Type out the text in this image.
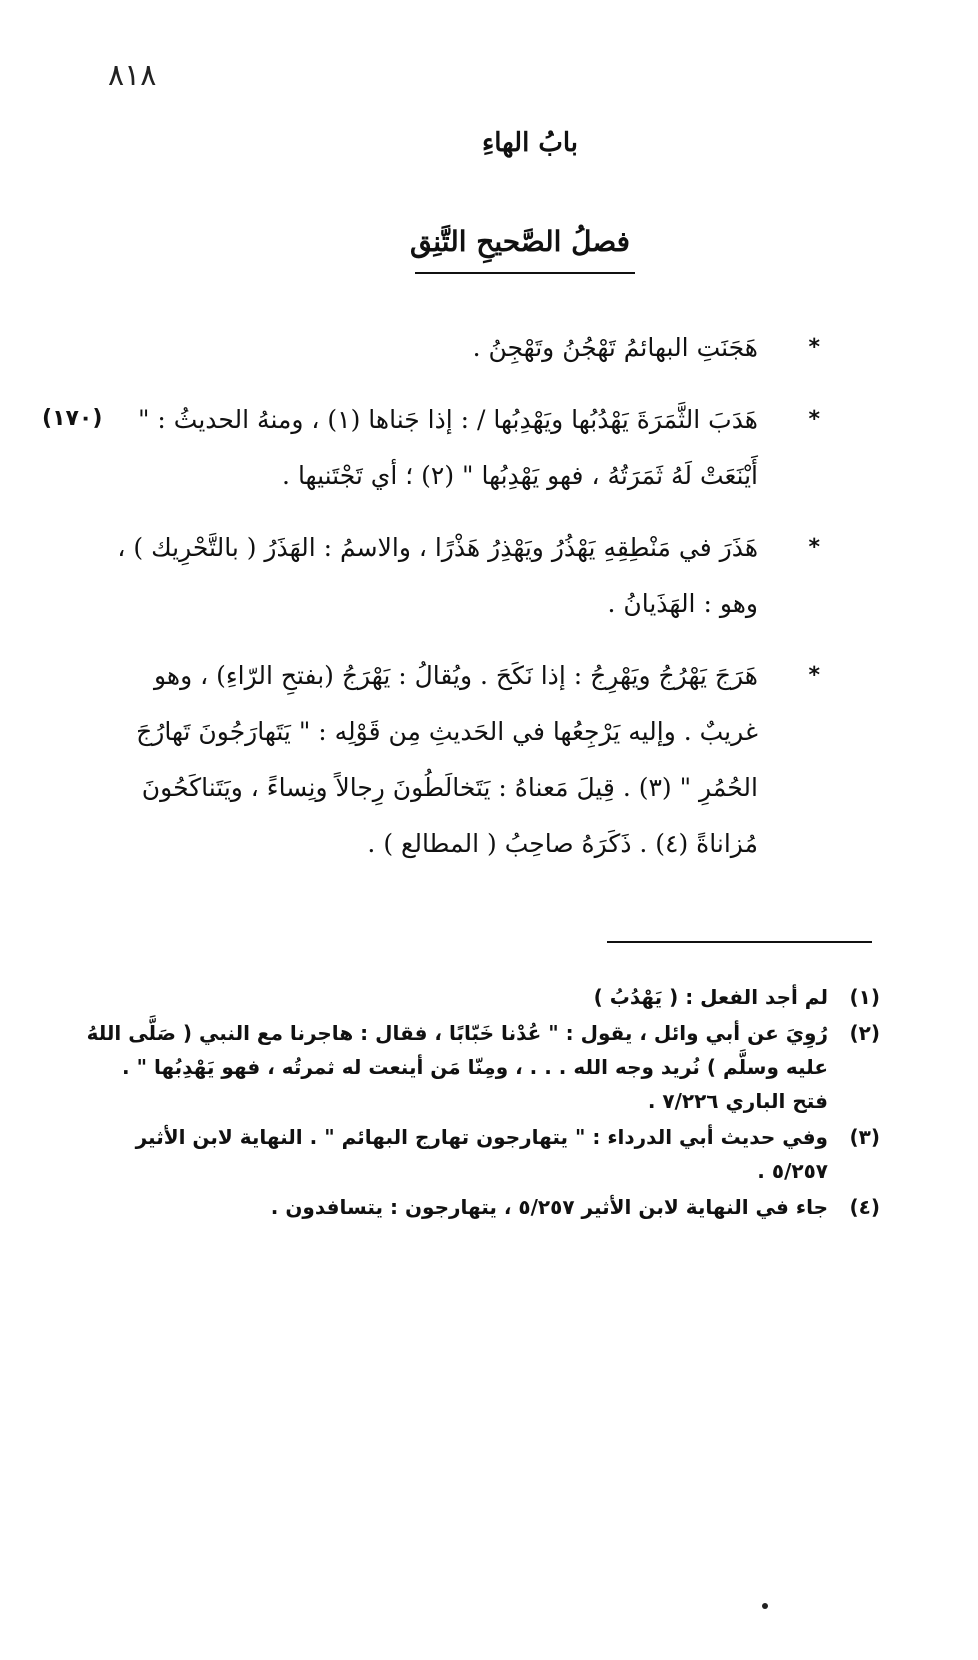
٨١٨
بابُ الهاءِ
فصلُ الصَّحيحِ التَّنِق
(١٧٠)
*

هَجَنَتِ البهائمُ تَهْجُنُ وتَهْجِنُ .

*

هَدَبَ الثَّمَرَةَ يَهْدُبُها ويَهْدِبُها / : إذا جَناها (١) ، ومنهُ الحديثُ : " أَيْنَعَتْ لَهُ ثَمَرَتُهُ ، فهو يَهْدِبُها " (٢) ؛ أي تَجْتَنيها .

*

هَذَرَ في مَنْطِقِهِ يَهْذُرُ ويَهْذِرُ هَذْرًا ، والاسمُ : الهَذَرُ ( بالتَّحْرِيك ) ، وهو : الهَذَيانُ .

*

هَرَجَ يَهْرُجُ ويَهْرِجُ : إذا نَكَحَ . ويُقالُ : يَهْرَجُ (بفتحِ الرّاءِ) ، وهو غريبٌ . وإليه يَرْجِعُها في الحَديثِ مِن قَوْلِه : " يَتَهارَجُونَ تَهارُجَ الحُمُرِ " (٣) . قِيلَ مَعناهُ : يَتَخالَطُونَ رِجالاً ونِساءً ، ويَتَناكَحُونَ مُزاناةً (٤) . ذَكَرَهُ صاحِبُ ( المطالع ) .

(١)
لم أجد الفعل : ( يَهْدُبُ )
(٢)
رُوِيَ عن أبي وائل ، يقول : " عُدْنا خَبّابًا ، فقال : هاجرنا مع النبي ( صَلَّى اللهُ عليه وسلَّم ) نُريد وجه الله . . . ، ومِنّا مَن أينعت له ثمرتُه ، فهو يَهْدِبُها " . فتح الباري ٧/٢٢٦ .
(٣)
وفي حديث أبي الدرداء : " يتهارجون تهارج البهائم " . النهاية لابن الأثير ٥/٢٥٧ .
(٤)
جاء في النهاية لابن الأثير ٥/٢٥٧ ، يتهارجون : يتسافدون .
